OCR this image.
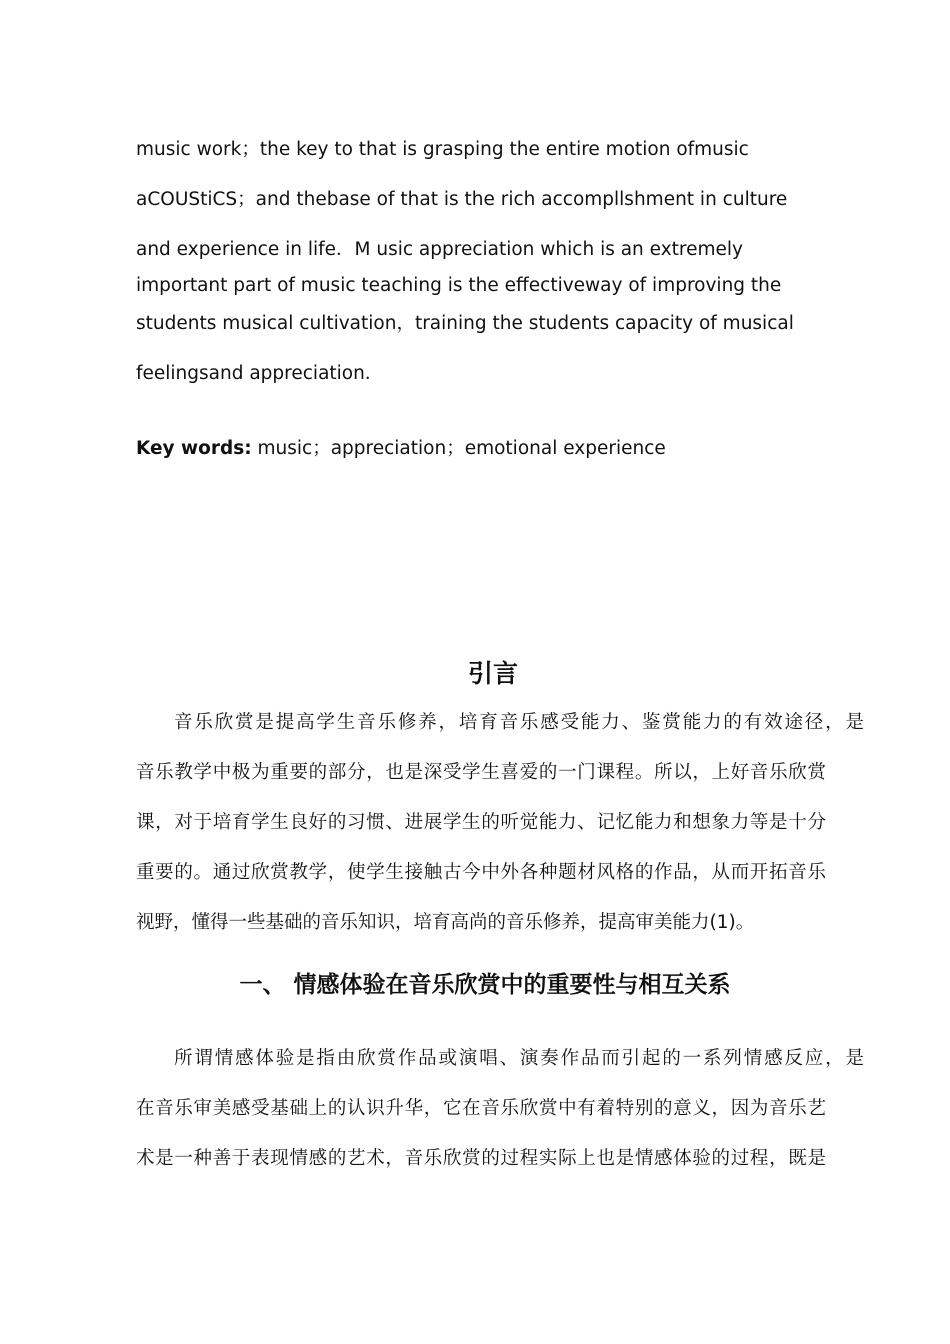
music work；the key to that is grasping the entire motion ofmusic
aCOUStiCS；and thebase of that is the rich accompllshment in culture
and experience in life．M usic appreciation which is an extremely
important part of music teaching is the effectiveway of improving the
students musical cultivation，training the students capacity of musical
feelingsand appreciation．
Key words: music；appreciation；emotional experience
引言
音乐欣赏是提高学生音乐修养，培育音乐感受能力、鉴赏能力的有效途径，是
音乐教学中极为重要的部分，也是深受学生喜爱的一门课程。所以，上好音乐欣赏
课，对于培育学生良好的习惯、进展学生的听觉能力、记忆能力和想象力等是十分
重要的。通过欣赏教学，使学生接触古今中外各种题材风格的作品，从而开拓音乐
视野，懂得一些基础的音乐知识，培育高尚的音乐修养，提高审美能力(1)。
一、 情感体验在音乐欣赏中的重要性与相互关系
所谓情感体验是指由欣赏作品或演唱、演奏作品而引起的一系列情感反应，是
在音乐审美感受基础上的认识升华，它在音乐欣赏中有着特别的意义，因为音乐艺
术是一种善于表现情感的艺术，音乐欣赏的过程实际上也是情感体验的过程，既是
